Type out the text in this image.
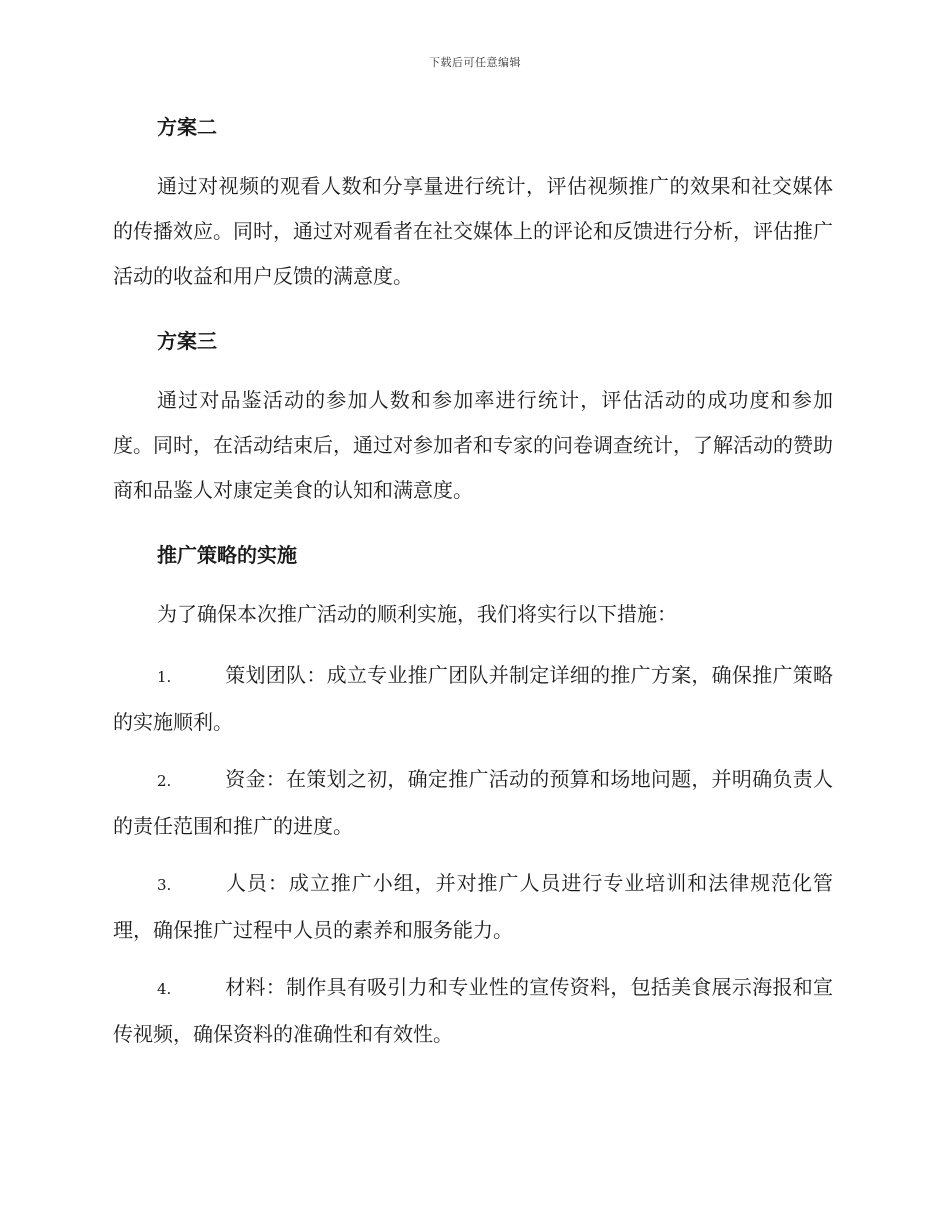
下载后可任意编辑

方案二

通过对视频的观看人数和分享量进行统计，评估视频推广的效果和社交媒体的传播效应。同时，通过对观看者在社交媒体上的评论和反馈进行分析，评估推广活动的收益和用户反馈的满意度。

方案三

通过对品鉴活动的参加人数和参加率进行统计，评估活动的成功度和参加度。同时，在活动结束后，通过对参加者和专家的问卷调查统计，了解活动的赞助商和品鉴人对康定美食的认知和满意度。

推广策略的实施

为了确保本次推广活动的顺利实施，我们将实行以下措施：

1.	策划团队：成立专业推广团队并制定详细的推广方案，确保推广策略的实施顺利。

2.	资金：在策划之初，确定推广活动的预算和场地问题，并明确负责人的责任范围和推广的进度。

3.	人员：成立推广小组，并对推广人员进行专业培训和法律规范化管理，确保推广过程中人员的素养和服务能力。

4.	材料：制作具有吸引力和专业性的宣传资料，包括美食展示海报和宣传视频，确保资料的准确性和有效性。
